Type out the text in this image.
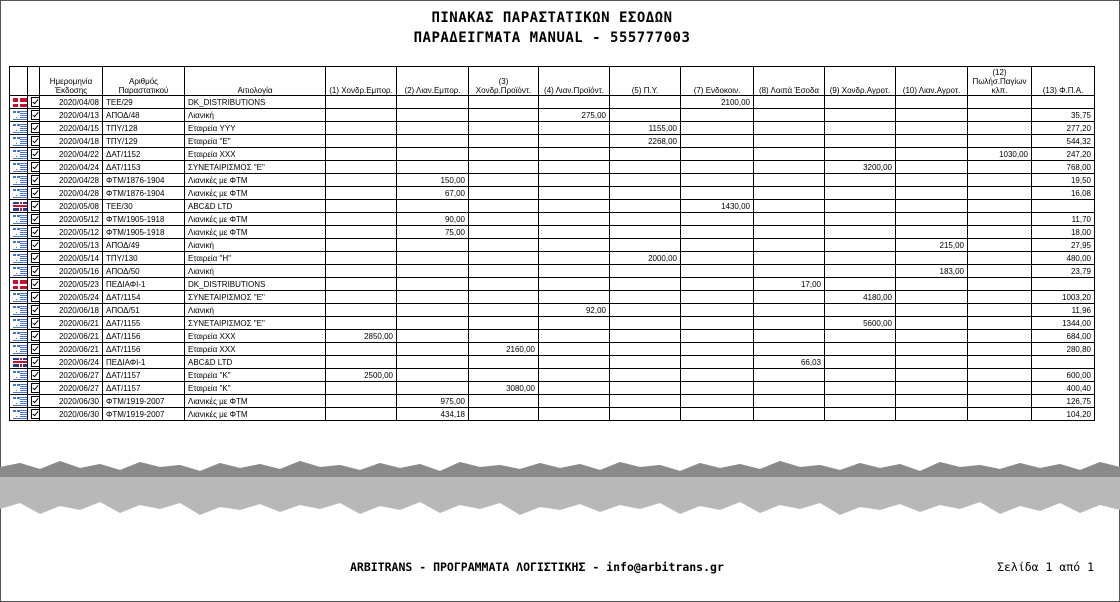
ΠΙΝΑΚΑΣ ΠΑΡΑΣΤΑΤΙΚΩΝ ΕΣΟΔΩΝ
ΠΑΡΑΔΕΙΓΜΑΤΑ MANUAL - 555777003
		Ημερομηνία Έκδοσης	Αριθμός Παραστατικού	Αιτιολογία	(1) Χονδρ.Εμπορ.	(2) Λιαν.Εμπορ.	(3) Χονδρ.Προϊόντ.	(4) Λιαν.Προϊόντ.	(5) Π.Υ.	(7) Ενδοκοιν.	(8) Λοιπά Έσοδα	(9) Χονδρ.Αγροτ.	(10) Λιαν.Αγροτ.	(12) Πωλήσ.Παγίων κλπ.	(13) Φ.Π.Α.
		2020/04/08	ΤΕΕ/29	DK_DISTRIBUTIONS						2100,00					
		2020/04/13	ΑΠΟΔ/48	Λιανική				275,00							35,75
		2020/04/15	ΤΠΥ/128	Εταιρεία YYY					1155,00						277,20
		2020/04/18	ΤΠΥ/129	Εταιρεία "Ε"					2268,00						544,32
		2020/04/22	ΔΑΤ/1152	Εταιρεία XXX										1030,00	247,20
		2020/04/24	ΔΑΤ/1153	ΣΥΝΕΤΑΙΡΙΣΜΟΣ "Ε"								3200,00			768,00
		2020/04/28	ΦΤΜ/1876-1904	Λιανικές με ΦΤΜ		150,00									19,50
		2020/04/28	ΦΤΜ/1876-1904	Λιανικές με ΦΤΜ		67,00									16,08
		2020/05/08	ΤΕΕ/30	ABC&D LTD						1430,00					
		2020/05/12	ΦΤΜ/1905-1918	Λιανικές με ΦΤΜ		90,00									11,70
		2020/05/12	ΦΤΜ/1905-1918	Λιανικές με ΦΤΜ		75,00									18,00
		2020/05/13	ΑΠΟΔ/49	Λιανική									215,00		27,95
		2020/05/14	ΤΠΥ/130	Εταιρεία "Η"					2000,00						480,00
		2020/05/16	ΑΠΟΔ/50	Λιανική									183,00		23,79
		2020/05/23	ΠΕΔΙΑΦΙ-1	DK_DISTRIBUTIONS							17,00				
		2020/05/24	ΔΑΤ/1154	ΣΥΝΕΤΑΙΡΙΣΜΟΣ "Ε"								4180,00			1003,20
		2020/06/18	ΑΠΟΔ/51	Λιανική				92,00							11,96
		2020/06/21	ΔΑΤ/1155	ΣΥΝΕΤΑΙΡΙΣΜΟΣ "Ε"								5600,00			1344,00
		2020/06/21	ΔΑΤ/1156	Εταιρεία XXX	2850,00										684,00
		2020/06/21	ΔΑΤ/1156	Εταιρεία XXX			2160,00								280,80
		2020/06/24	ΠΕΔΙΑΦΙ-1	ABC&D LTD							66,03				
		2020/06/27	ΔΑΤ/1157	Εταιρεία "Κ"	2500,00										600,00
		2020/06/27	ΔΑΤ/1157	Εταιρεία "Κ"			3080,00								400,40
		2020/06/30	ΦΤΜ/1919-2007	Λιανικές με ΦΤΜ		975,00									126,75
		2020/06/30	ΦΤΜ/1919-2007	Λιανικές με ΦΤΜ		434,18									104,20
ARBITRANS - ΠΡΟΓΡΑΜΜΑΤΑ ΛΟΓΙΣΤΙΚΗΣ - info@arbitrans.gr	Σελίδα 1 από 1
